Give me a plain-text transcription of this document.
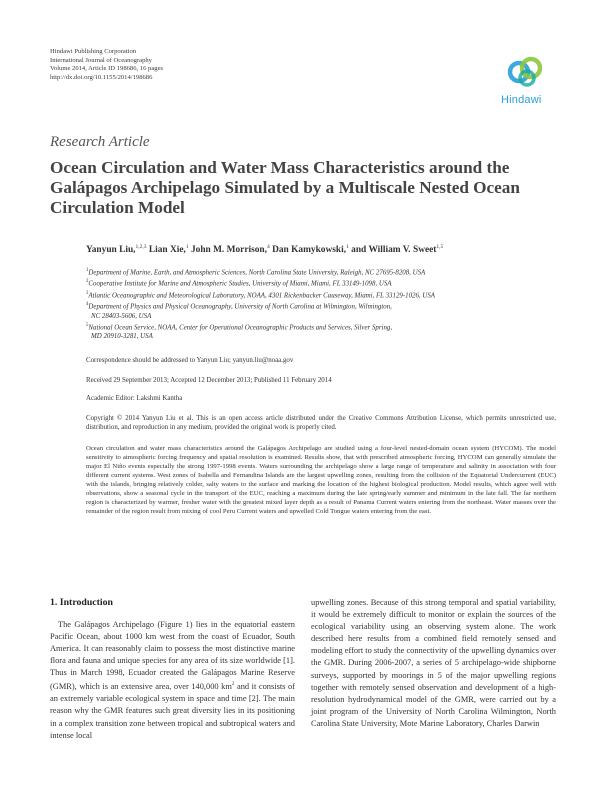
Hindawi Publishing Corporation
International Journal of Oceanography
Volume 2014, Article ID 198686, 16 pages
http://dx.doi.org/10.1155/2014/198686
Hindawi
Research Article
Ocean Circulation and Water Mass Characteristics around the Galápagos Archipelago Simulated by a Multiscale Nested Ocean Circulation Model
Yanyun Liu,$^{1,2,3}$ Lian Xie,$^1$ John M. Morrison,$^4$ Dan Kamykowski,$^1$ and William V. Sweet$^{1,5}$
$^1$Department of Marine, Earth, and Atmospheric Sciences, North Carolina State University, Raleigh, NC 27695-8208, USA
$^2$Cooperative Institute for Marine and Atmospheric Studies, University of Miami, Miami, FL 33149-1098, USA
$^3$Atlantic Oceanographic and Meteorological Laboratory, NOAA, 4301 Rickenbacker Causeway, Miami, FL 33129-1026, USA
$^4$Department of Physics and Physical Oceanography, University of North Carolina at Wilmington, Wilmington,
NC 28403-5606, USA
$^5$National Ocean Service, NOAA, Center for Operational Oceanographic Products and Services, Silver Spring,
MD 20910-3281, USA
Correspondence should be addressed to Yanyun Liu; yanyun.liu@noaa.gov
Received 29 September 2013; Accepted 12 December 2013; Published 11 February 2014
Academic Editor: Lakshmi Kantha
Copyright © 2014 Yanyun Liu et al. This is an open access article distributed under the Creative Commons Attribution License, which permits unrestricted use, distribution, and reproduction in any medium, provided the original work is properly cited.
Ocean circulation and water mass characteristics around the Galápagos Archipelago are studied using a four-level nested-domain ocean system (HYCOM). The model sensitivity to atmospheric forcing frequency and spatial resolution is examined. Results show, that with prescribed atmospheric forcing, HYCOM can generally simulate the major El Niño events especially the strong 1997-1998 events. Waters surrounding the archipelago show a large range of temperature and salinity in association with four different current systems. West zones of Isabella and Fernandina Islands are the largest upwelling zones, resulting from the collision of the Equatorial Undercurrent (EUC) with the islands, bringing relatively colder, salty waters to the surface and marking the location of the highest biological production. Model results, which agree well with observations, show a seasonal cycle in the transport of the EUC, reaching a maximum during the late spring/early summer and minimum in the late fall. The far northern region is characterized by warmer, fresher water with the greatest mixed layer depth as a result of Panama Current waters entering from the northeast. Water masses over the remainder of the region result from mixing of cool Peru Current waters and upwelled Cold Tongue waters entering from the east.
1. Introduction
The Galápagos Archipelago (Figure 1) lies in the equatorial eastern Pacific Ocean, about 1000 km west from the coast of Ecuador, South America. It can reasonably claim to possess the most distinctive marine flora and fauna and unique species for any area of its size worldwide [1]. Thus in March 1998, Ecuador created the Galápagos Marine Reserve (GMR), which is an extensive area, over 140,000 $km^2$ and it consists of an extremely variable ecological system in space and time [2]. The main reason why the GMR features such great diversity lies in its positioning in a complex transition zone between tropical and subtropical waters and intense local
upwelling zones. Because of this strong temporal and spatial variability, it would be extremely difficult to monitor or explain the sources of the ecological variability using an observing system alone. The work described here results from a combined field remotely sensed and modeling effort to study the connectivity of the upwelling dynamics over the GMR. During 2006-2007, a series of 5 archipelago-wide shipborne surveys, supported by moorings in 5 of the major upwelling regions together with remotely sensed observation and development of a high-resolution hydrodynamical model of the GMR, were carried out by a joint program of the University of North Carolina Wilmington, North Carolina State University, Mote Marine Laboratory, Charles Darwin
